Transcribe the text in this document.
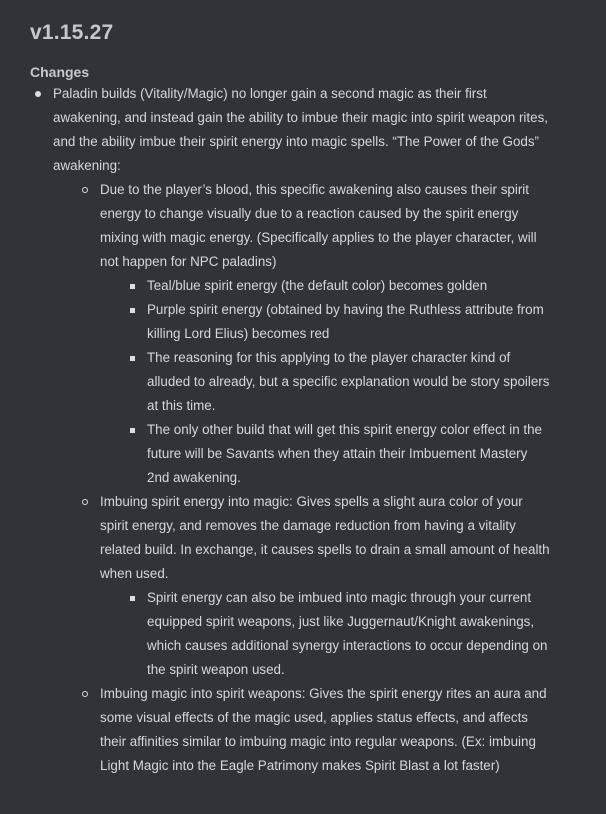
v1.15.27
Changes
Paladin builds (Vitality/Magic) no longer gain a second magic as their first awakening, and instead gain the ability to imbue their magic into spirit weapon rites, and the ability imbue their spirit energy into magic spells. “The Power of the Gods” awakening:
Due to the player’s blood, this specific awakening also causes their spirit energy to change visually due to a reaction caused by the spirit energy mixing with magic energy. (Specifically applies to the player character, will not happen for NPC paladins)
Teal/blue spirit energy (the default color) becomes golden
Purple spirit energy (obtained by having the Ruthless attribute from killing Lord Elius) becomes red
The reasoning for this applying to the player character kind of alluded to already, but a specific explanation would be story spoilers at this time.
The only other build that will get this spirit energy color effect in the future will be Savants when they attain their Imbuement Mastery 2nd awakening.
Imbuing spirit energy into magic: Gives spells a slight aura color of your spirit energy, and removes the damage reduction from having a vitality related build. In exchange, it causes spells to drain a small amount of health when used.
Spirit energy can also be imbued into magic through your current equipped spirit weapons, just like Juggernaut/Knight awakenings, which causes additional synergy interactions to occur depending on the spirit weapon used.
Imbuing magic into spirit weapons: Gives the spirit energy rites an aura and some visual effects of the magic used, applies status effects, and affects their affinities similar to imbuing magic into regular weapons. (Ex: imbuing Light Magic into the Eagle Patrimony makes Spirit Blast a lot faster)
